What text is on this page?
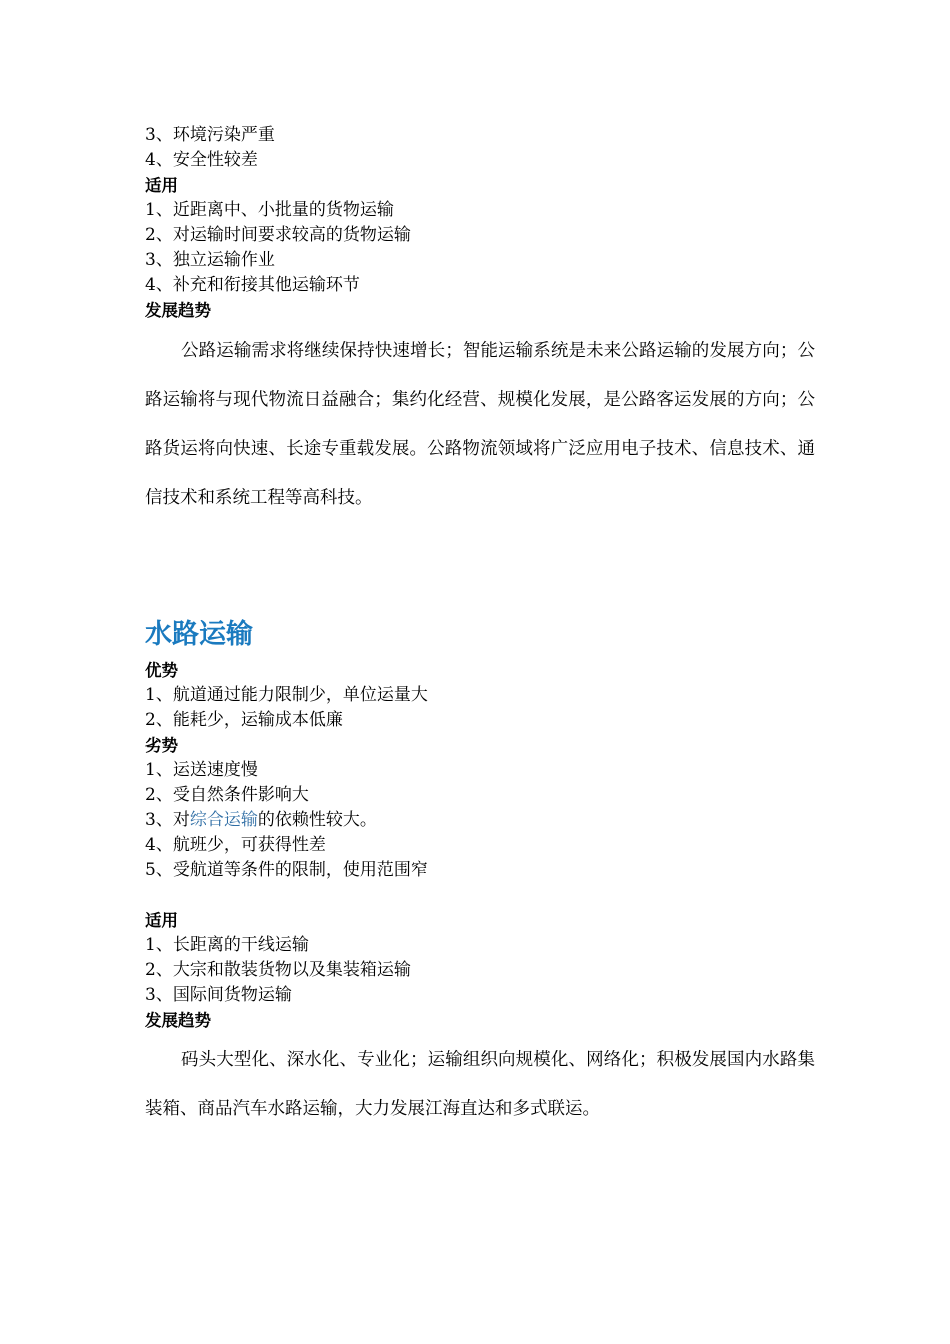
3、环境污染严重
4、安全性较差
适用
1、近距离中、小批量的货物运输
2、对运输时间要求较高的货物运输
3、独立运输作业
4、补充和衔接其他运输环节
发展趋势

公路运输需求将继续保持快速增长；智能运输系统是未来公路运输的发展方向；公路运输将与现代物流日益融合；集约化经营、规模化发展，是公路客运发展的方向；公路货运将向快速、长途专重载发展。公路物流领域将广泛应用电子技术、信息技术、通信技术和系统工程等高科技。

水路运输
优势
1、航道通过能力限制少，单位运量大
2、能耗少，运输成本低廉
劣势
1、运送速度慢
2、受自然条件影响大
3、对综合运输的依赖性较大。
4、航班少，可获得性差
5、受航道等条件的限制，使用范围窄
适用
1、长距离的干线运输
2、大宗和散装货物以及集装箱运输
3、国际间货物运输
发展趋势

码头大型化、深水化、专业化；运输组织向规模化、网络化；积极发展国内水路集装箱、商品汽车水路运输，大力发展江海直达和多式联运。
